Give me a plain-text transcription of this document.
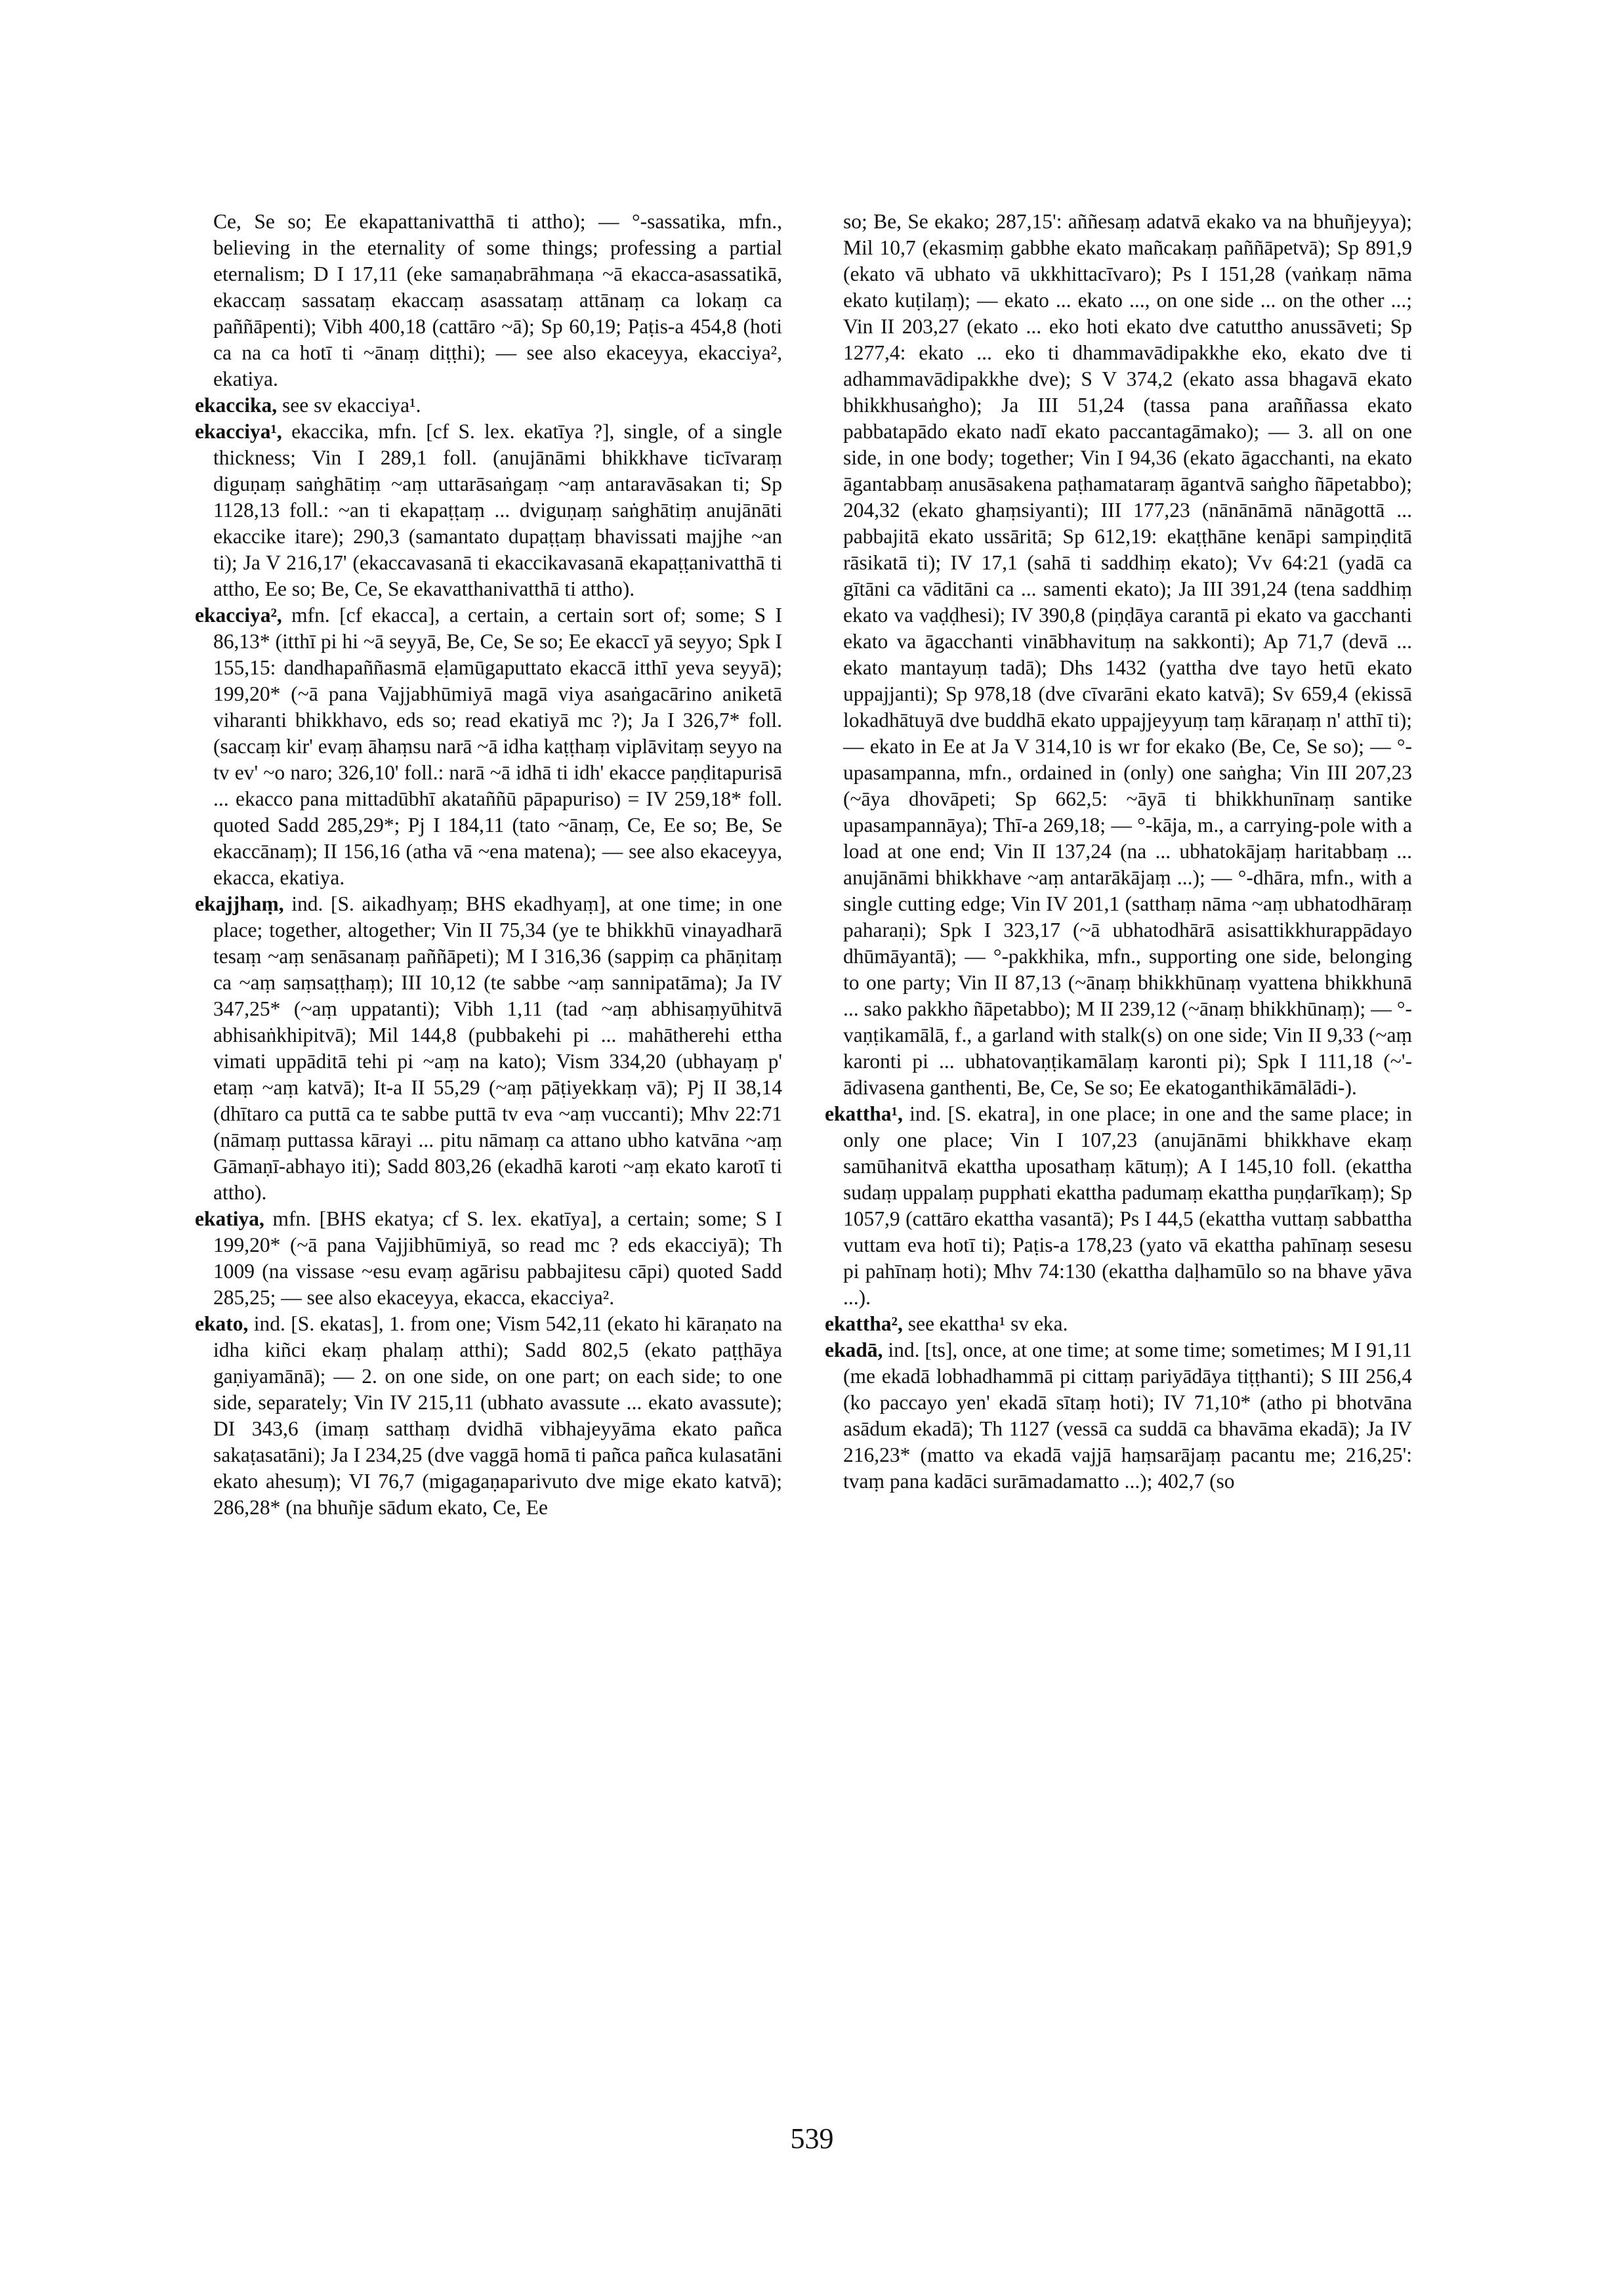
Ce, Se so; Ee ekapattanivatthā ti attho); — °-sassatika, mfn., believing in the eternality of some things; professing a partial eternalism; D I 17,11 (eke samaṇabrāhmaṇa ~ā ekacca-asassatikā, ekaccaṃ sassataṃ ekaccaṃ asassataṃ attānaṃ ca lokaṃ ca paññāpenti); Vibh 400,18 (cattāro ~ā); Sp 60,19; Paṭis-a 454,8 (hoti ca na ca hotī ti ~ānaṃ diṭṭhi); — see also ekaceyya, ekacciya², ekatiya.

ekaccika, see sv ekacciya¹.

ekacciya¹, ekaccika, mfn. [cf S. lex. ekatīya ?], single, of a single thickness; Vin I 289,1 foll. (anujānāmi bhikkhave ticīvaraṃ diguṇaṃ saṅghātiṃ ~aṃ uttarāsaṅgaṃ ~aṃ antaravāsakan ti; Sp 1128,13 foll.: ~an ti ekapaṭṭaṃ ... dviguṇaṃ saṅghātiṃ anujānāti ekaccike itare); 290,3 (samantato dupaṭṭaṃ bhavissati majjhe ~an ti); Ja V 216,17' (ekaccavasanā ti ekaccikavasanā ekapaṭṭanivatthā ti attho, Ee so; Be, Ce, Se ekavatthanivatthā ti attho).

ekacciya², mfn. [cf ekacca], a certain, a certain sort of; some; S I 86,13* (itthī pi hi ~ā seyyā, Be, Ce, Se so; Ee ekaccī yā seyyo; Spk I 155,15: dandhapaññasmā eḷamūgaputtato ekaccā itthī yeva seyyā); 199,20* (~ā pana Vajjabhūmiyā magā viya asaṅgacārino aniketā viharanti bhikkhavo, eds so; read ekatiyā mc ?); Ja I 326,7* foll. (saccaṃ kir' evaṃ āhaṃsu narā ~ā idha kaṭṭhaṃ viplāvitaṃ seyyo na tv ev' ~o naro; 326,10' foll.: narā ~ā idhā ti idh' ekacce paṇḍitapurisā ... ekacco pana mittadūbhī akataññū pāpapuriso) = IV 259,18* foll. quoted Sadd 285,29*; Pj I 184,11 (tato ~ānaṃ, Ce, Ee so; Be, Se ekaccānaṃ); II 156,16 (atha vā ~ena matena); — see also ekaceyya, ekacca, ekatiya.

ekajjhaṃ, ind. [S. aikadhyaṃ; BHS ekadhyaṃ], at one time; in one place; together, altogether; Vin II 75,34 (ye te bhikkhū vinayadharā tesaṃ ~aṃ senāsanaṃ paññāpeti); M I 316,36 (sappiṃ ca phāṇitaṃ ca ~aṃ saṃsaṭṭhaṃ); III 10,12 (te sabbe ~aṃ sannipatāma); Ja IV 347,25* (~aṃ uppatanti); Vibh 1,11 (tad ~aṃ abhisaṃyūhitvā abhisaṅkhipitvā); Mil 144,8 (pubbakehi pi ... mahātherehi ettha vimati uppāditā tehi pi ~aṃ na kato); Vism 334,20 (ubhayaṃ p' etaṃ ~aṃ katvā); It-a II 55,29 (~aṃ pāṭiyekkaṃ vā); Pj II 38,14 (dhītaro ca puttā ca te sabbe puttā tv eva ~aṃ vuccanti); Mhv 22:71 (nāmaṃ puttassa kārayi ... pitu nāmaṃ ca attano ubho katvāna ~aṃ Gāmaṇī-abhayo iti); Sadd 803,26 (ekadhā karoti ~aṃ ekato karotī ti attho).

ekatiya, mfn. [BHS ekatya; cf S. lex. ekatīya], a certain; some; S I 199,20* (~ā pana Vajjibhūmiyā, so read mc ? eds ekacciyā); Th 1009 (na vissase ~esu evaṃ agārisu pabbajitesu cāpi) quoted Sadd 285,25; — see also ekaceyya, ekacca, ekacciya².

ekato, ind. [S. ekatas], 1. from one; Vism 542,11 (ekato hi kāraṇato na idha kiñci ekaṃ phalaṃ atthi); Sadd 802,5 (ekato paṭṭhāya gaṇiyamānā); — 2. on one side, on one part; on each side; to one side, separately; Vin IV 215,11 (ubhato avassute ... ekato avassute); DI 343,6 (imaṃ satthaṃ dvidhā vibhajeyyāma ekato pañca sakaṭasatāni); Ja I 234,25 (dve vaggā homā ti pañca pañca kulasatāni ekato ahesuṃ); VI 76,7 (migagaṇaparivuto dve mige ekato katvā); 286,28* (na bhuñje sādum ekato, Ce, Ee

so; Be, Se ekako; 287,15': aññesaṃ adatvā ekako va na bhuñjeyya); Mil 10,7 (ekasmiṃ gabbhe ekato mañcakaṃ paññāpetvā); Sp 891,9 (ekato vā ubhato vā ukkhittacīvaro); Ps I 151,28 (vaṅkaṃ nāma ekato kuṭilaṃ); — ekato ... ekato ..., on one side ... on the other ...; Vin II 203,27 (ekato ... eko hoti ekato dve catuttho anussāveti; Sp 1277,4: ekato ... eko ti dhammavādipakkhe eko, ekato dve ti adhammavādipakkhe dve); S V 374,2 (ekato assa bhagavā ekato bhikkhusaṅgho); Ja III 51,24 (tassa pana araññassa ekato pabbatapādo ekato nadī ekato paccantagāmako); — 3. all on one side, in one body; together; Vin I 94,36 (ekato āgacchanti, na ekato āgantabbaṃ anusāsakena paṭhamataraṃ āgantvā saṅgho ñāpetabbo); 204,32 (ekato ghaṃsiyanti); III 177,23 (nānānāmā nānāgottā ... pabbajitā ekato ussāritā; Sp 612,19: ekaṭṭhāne kenāpi sampiṇḍitā rāsikatā ti); IV 17,1 (sahā ti saddhiṃ ekato); Vv 64:21 (yadā ca gītāni ca vāditāni ca ... samenti ekato); Ja III 391,24 (tena saddhiṃ ekato va vaḍḍhesi); IV 390,8 (piṇḍāya carantā pi ekato va gacchanti ekato va āgacchanti vinābhavituṃ na sakkonti); Ap 71,7 (devā ... ekato mantayuṃ tadā); Dhs 1432 (yattha dve tayo hetū ekato uppajjanti); Sp 978,18 (dve cīvarāni ekato katvā); Sv 659,4 (ekissā lokadhātuyā dve buddhā ekato uppajjeyyuṃ taṃ kāraṇaṃ n' atthī ti); — ekato in Ee at Ja V 314,10 is wr for ekako (Be, Ce, Se so); — °-upasampanna, mfn., ordained in (only) one saṅgha; Vin III 207,23 (~āya dhovāpeti; Sp 662,5: ~āyā ti bhikkhunīnaṃ santike upasampannāya); Thī-a 269,18; — °-kāja, m., a carrying-pole with a load at one end; Vin II 137,24 (na ... ubhatokājaṃ haritabbaṃ ... anujānāmi bhikkhave ~aṃ antarākājaṃ ...); — °-dhāra, mfn., with a single cutting edge; Vin IV 201,1 (satthaṃ nāma ~aṃ ubhatodhāraṃ paharaṇi); Spk I 323,17 (~ā ubhatodhārā asisattikkhurappādayo dhūmāyantā); — °-pakkhika, mfn., supporting one side, belonging to one party; Vin II 87,13 (~ānaṃ bhikkhūnaṃ vyattena bhikkhunā ... sako pakkho ñāpetabbo); M II 239,12 (~ānaṃ bhikkhūnaṃ); — °-vaṇṭikamālā, f., a garland with stalk(s) on one side; Vin II 9,33 (~aṃ karonti pi ... ubhatovaṇṭikamālaṃ karonti pi); Spk I 111,18 (~'-ādivasena ganthenti, Be, Ce, Se so; Ee ekatoganthikāmālādi-).

ekattha¹, ind. [S. ekatra], in one place; in one and the same place; in only one place; Vin I 107,23 (anujānāmi bhikkhave ekaṃ samūhanitvā ekattha uposathaṃ kātuṃ); A I 145,10 foll. (ekattha sudaṃ uppalaṃ pupphati ekattha padumaṃ ekattha puṇḍarīkaṃ); Sp 1057,9 (cattāro ekattha vasantā); Ps I 44,5 (ekattha vuttaṃ sabbattha vuttam eva hotī ti); Paṭis-a 178,23 (yato vā ekattha pahīnaṃ sesesu pi pahīnaṃ hoti); Mhv 74:130 (ekattha daḷhamūlo so na bhave yāva ...).

ekattha², see ekattha¹ sv eka.

ekadā, ind. [ts], once, at one time; at some time; sometimes; M I 91,11 (me ekadā lobhadhammā pi cittaṃ pariyādāya tiṭṭhanti); S III 256,4 (ko paccayo yen' ekadā sītaṃ hoti); IV 71,10* (atho pi bhotvāna asādum ekadā); Th 1127 (vessā ca suddā ca bhavāma ekadā); Ja IV 216,23* (matto va ekadā vajjā haṃsarājaṃ pacantu me; 216,25': tvaṃ pana kadāci surāmadamatto ...); 402,7 (so

539
